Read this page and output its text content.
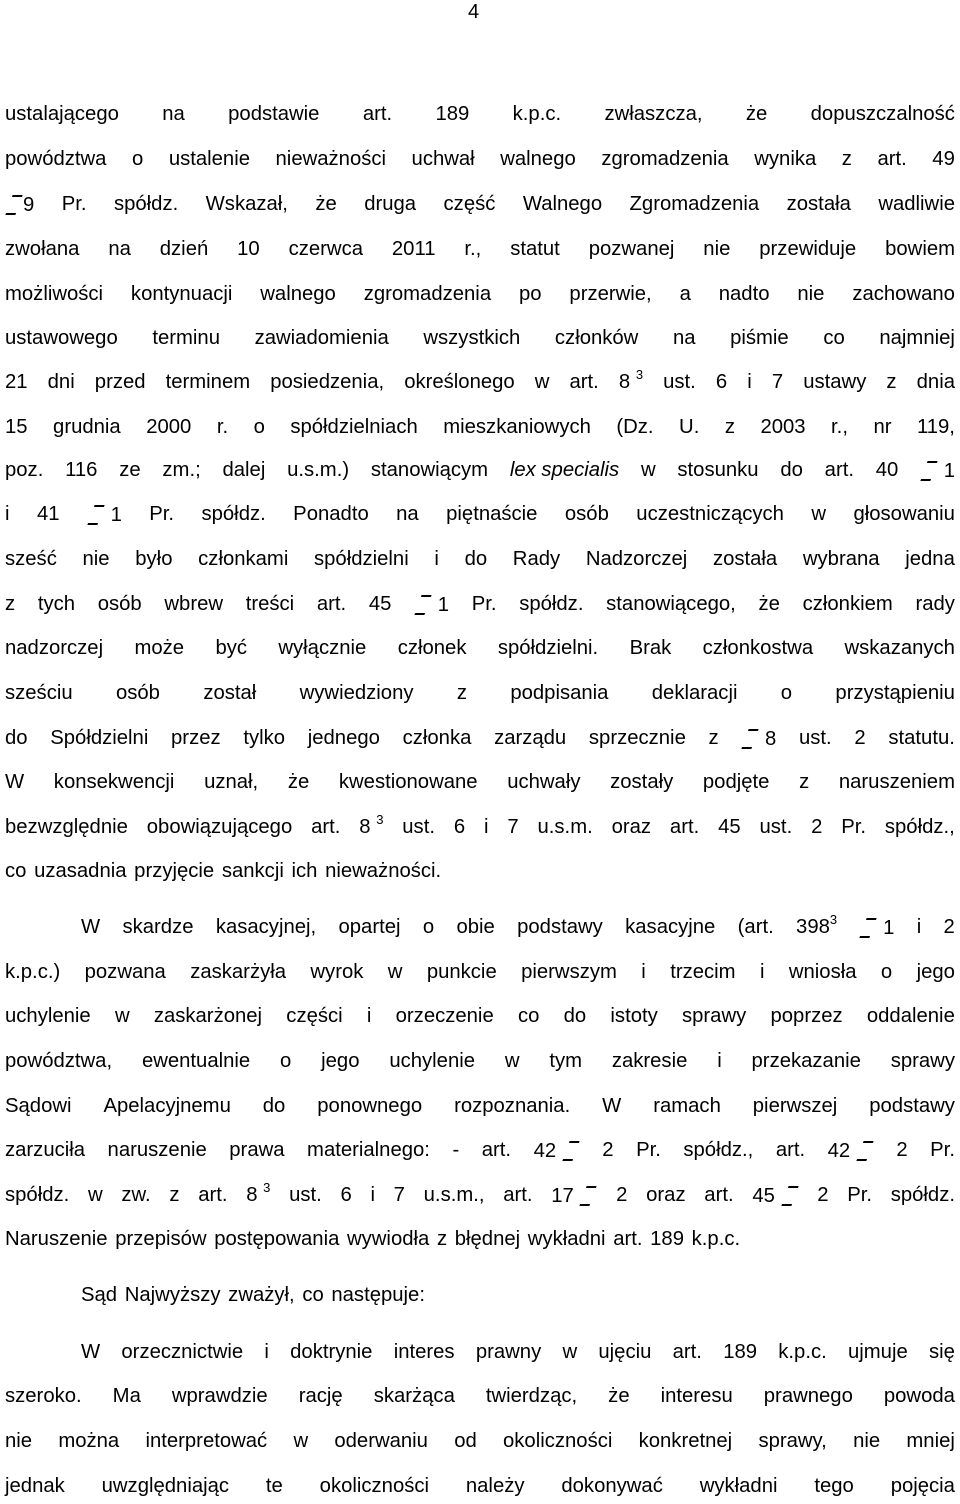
4
ustalającego na podstawie art. 189 k.p.c. zwłaszcza, że dopuszczalność
powództwa o ustalenie nieważności uchwał walnego zgromadzenia wynika z art. 49
9 Pr. spółdz. Wskazał, że druga część Walnego Zgromadzenia została wadliwie
zwołana na dzień 10 czerwca 2011 r., statut pozwanej nie przewiduje bowiem
możliwości kontynuacji walnego zgromadzenia po przerwie, a nadto nie zachowano
ustawowego terminu zawiadomienia wszystkich członków na piśmie co najmniej
21 dni przed terminem posiedzenia, określonego w art. 8 $^3$ ust. 6 i 7 ustawy z dnia
15 grudnia 2000 r. o spółdzielniach mieszkaniowych (Dz. U. z 2003 r., nr 119,
poz. 116 ze zm.; dalej u.s.m.) stanowiącym lex specialis w stosunku do art. 40	1
i 41	1 Pr. spółdz. Ponadto na piętnaście osób uczestniczących w głosowaniu
sześć nie było członkami spółdzielni i do Rady Nadzorczej została wybrana jedna
z tych osób wbrew treści art. 45	1 Pr. spółdz. stanowiącego, że członkiem rady
nadzorczej może być wyłącznie członek spółdzielni. Brak członkostwa wskazanych
sześciu osób został wywiedziony z podpisania deklaracji o przystąpieniu
do Spółdzielni przez tylko jednego członka zarządu sprzecznie z	8 ust. 2 statutu.
W konsekwencji uznał, że kwestionowane uchwały zostały podjęte z naruszeniem
bezwzględnie obowiązującego art. 8 $^3$ ust. 6 i 7 u.s.m. oraz art. 45 ust. 2 Pr. spółdz.,
co uzasadnia przyjęcie sankcji ich nieważności.
W skardze kasacyjnej, opartej o obie podstawy kasacyjne (art. $398^3$	1 i 2
k.p.c.) pozwana zaskarżyła wyrok w punkcie pierwszym i trzecim i wniosła o jego
uchylenie w zaskarżonej części i orzeczenie co do istoty sprawy poprzez oddalenie
powództwa, ewentualnie o jego uchylenie w tym zakresie i przekazanie sprawy
Sądowi Apelacyjnemu do ponownego rozpoznania. W ramach pierwszej podstawy
zarzuciła naruszenie prawa materialnego: - art. 42	2 Pr. spółdz., art. 42	2 Pr.
spółdz. w zw. z art. 8 $^3$ ust. 6 i 7 u.s.m., art. 17	2 oraz art. 45	2 Pr. spółdz.
Naruszenie przepisów postępowania wywiodła z błędnej wykładni art. 189 k.p.c.
Sąd Najwyższy zważył, co następuje:
W orzecznictwie i doktrynie interes prawny w ujęciu art. 189 k.p.c. ujmuje się
szeroko. Ma wprawdzie rację skarżąca twierdząc, że interesu prawnego powoda
nie można interpretować w oderwaniu od okoliczności konkretnej sprawy, nie mniej
jednak uwzględniając te okoliczności należy dokonywać wykładni tego pojęcia
